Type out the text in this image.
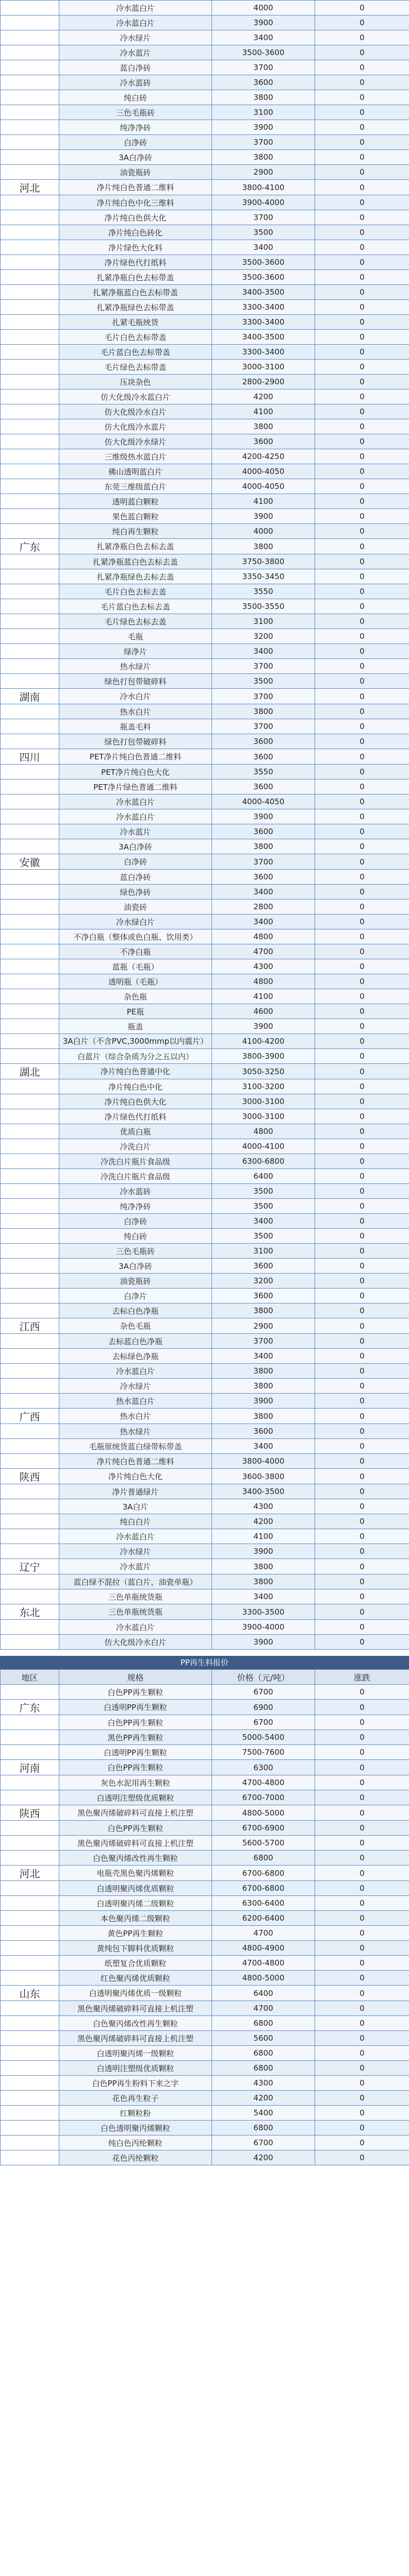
	冷水蓝白片	4000	0
	冷水蓝白片	3900	0
	冷水绿片	3400	0
	冷水蓝片	3500-3600	0
	蓝白净砖	3700	0
	冷水蓝砖	3600	0
	纯白砖	3800	0
	三色毛瓶砖	3100	0
	纯净净砖	3900	0
	白净砖	3700	0
	3A白净砖	3800	0
	油瓷瓶砖	2900	0
河北	净片纯白色普通二维料	3800-4100	0
	净片纯白色中化三维料	3900-4000	0
	净片纯白色供大化	3700	0
	净片纯白色砖化	3500	0
	净片绿色大化料	3400	0
	净片绿色代打纸料	3500-3600	0
	扎紧净瓶白色去标带盖	3500-3600	0
	扎紧净瓶蓝白色去标带盖	3400-3500	0
	扎紧净瓶绿色去标带盖	3300-3400	0
	扎紧毛瓶统货	3300-3400	0
	毛片白色去标带盖	3400-3500	0
	毛片蓝白色去标带盖	3300-3400	0
	毛片绿色去标带盖	3000-3100	0
	压块杂色	2800-2900	0
	仿大化级冷水蓝白片	4200	0
	仿大化级冷水白片	4100	0
	仿大化级冷水蓝片	3800	0
	仿大化级冷水绿片	3600	0
	三维级热水蓝白片	4200-4250	0
	佛山透明蓝白片	4000-4050	0
	东莞三维级蓝白片	4000-4050	0
	透明蓝白颗粒	4100	0
	果色蓝白颗粒	3900	0
	纯白再生颗粒	4000	0
广东	扎紧净瓶白色去标去盖	3800	0
	扎紧净瓶蓝白色去标去盖	3750-3800	0
	扎紧净瓶绿色去标去盖	3350-3450	0
	毛片白色去标去盖	3550	0
	毛片蓝白色去标去盖	3500-3550	0
	毛片绿色去标去盖	3100	0
	毛瓶	3200	0
	绿净片	3400	0
	热水绿片	3700	0
	绿色打包带破碎料	3500	0
湖南	冷水白片	3700	0
	热水白片	3800	0
	瓶盖毛料	3700	0
	绿色打包带破碎料	3600	0
四川	PET净片纯白色普通二维料	3600	0
	PET净片纯白色大化	3550	0
	PET净片绿色普通二维料	3600	0
	冷水蓝白片	4000-4050	0
	冷水蓝白片	3900	0
	冷水蓝片	3600	0
	3A白净砖	3800	0
安徽	白净砖	3700	0
	蓝白净砖	3600	0
	绿色净砖	3400	0
	油瓷砖	2800	0
	冷水绿白片	3400	0
	不净白瓶（整体或色白瓶、饮用类）	4800	0
	不净白瓶	4700	0
	蓝瓶（毛瓶）	4300	0
	透明瓶（毛瓶）	4800	0
	杂色瓶	4100	0
	PE瓶	4600	0
	瓶盖	3900	0
	3A白片（不含PVC,3000mmp以内震片）	4100-4200	0
	白蓝片（综合杂质为分之五以内）	3800-3900	0
湖北	净片纯白色普通中化	3050-3250	0
	净片纯白色中化	3100-3200	0
	净片纯白色供大化	3000-3100	0
	净片绿色代打纸料	3000-3100	0
	优质白瓶	4800	0
	冷洗白片	4000-4100	0
	冷洗白片瓶片食品级	6300-6800	0
	冷洗白片瓶片食品级	6400	0
	冷水蓝砖	3500	0
	纯净净砖	3500	0
	白净砖	3400	0
	纯白砖	3500	0
	三色毛瓶砖	3100	0
	3A白净砖	3600	0
	油瓷瓶砖	3200	0
	白净片	3600	0
	去标白色净瓶	3800	0
江西	杂色毛瓶	2900	0
	去标蓝白色净瓶	3700	0
	去标绿色净瓶	3400	0
	冷水蓝白片	3800	0
	冷水绿片	3800	0
	热水蓝白片	3900	0
广西	热水白片	3800	0
	热水绿片	3600	0
	毛瓶原统货蓝白绿带标带盖	3400	0
	净片纯白色普通二维料	3800-4000	0
陕西	净片纯白色大化	3600-3800	0
	净片普通绿片	3400-3500	0
	3A白片	4300	0
	纯白白片	4200	0
	冷水蓝白片	4100	0
	冷水绿片	3900	0
辽宁	冷水蓝片	3800	0
	蓝白绿不混拉（蓝白片，油瓷单瓶）	3800	0
	三色单瓶统货瓶	3400	0
东北	三色单瓶统货瓶	3300-3500	0
	冷水蓝白片	3900-4000	0
	仿大化级冷水白片	3900	0
PP再生料报价
地区	规格	价格（元/吨）	涨跌
	白色PP再生颗粒	6700	0
广东	白透明PP再生颗粒	6900	0
	白色PP再生颗粒	6700	0
	黑色PP再生颗粒	5000-5400	0
	白透明PP再生颗粒	7500-7600	0
河南	白色PP再生颗粒	6300	0
	灰色水泥用再生颗粒	4700-4800	0
	白透明注塑级优质颗粒	6700-7000	0
陕西	黑色聚丙烯破碎料可直接上机注塑	4800-5000	0
	白色PP再生颗粒	6700-6900	0
	黑色聚丙烯破碎料可直接上机注塑	5600-5700	0
	白色聚丙烯改性再生颗粒	6800	0
河北	电瓶壳黑色聚丙烯颗粒	6700-6800	0
	白透明聚丙烯优质颗粒	6700-6800	0
	白透明聚丙烯二级颗粒	6300-6400	0
	本色聚丙烯二级颗粒	6200-6400	0
	黄色PP再生颗粒	4700	0
	黄纯包下脚料优质颗粒	4800-4900	0
	纸塑复合优质颗粒	4700-4800	0
	红色聚丙烯优质颗粒	4800-5000	0
山东	白透明聚丙烯优质一级颗粒	6400	0
	黑色聚丙烯破碎料可直接上机注塑	4700	0
	白色聚丙烯改性再生颗粒	6800	0
	黑色聚丙烯破碎料可直接上机注塑	5600	0
	白透明聚丙烯一级颗粒	6800	0
	白透明注塑级优质颗粒	6800	0
	白色PP再生粉料下来之字	4300	0
	花色再生粒子	4200	0
	红颗粒粉	5400	0
	白色透明聚丙烯颗粒	6800	0
	纯白色丙纶颗粒	6700	0
	花色丙纶颗粒	4200	0
